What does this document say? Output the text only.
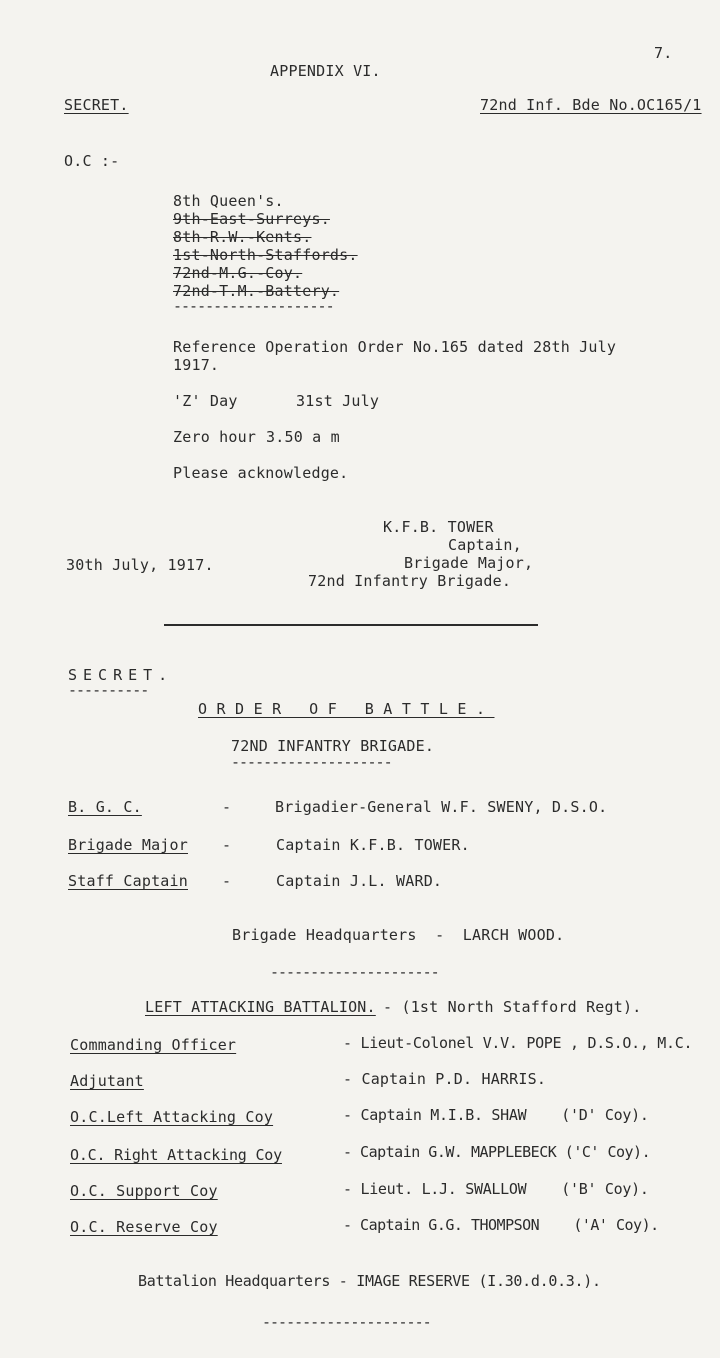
7.
APPENDIX VI.
SECRET.	72nd Inf. Bde No.OC165/1
O.C :-
8th Queen's.
9th-East-Surreys.
8th-R.W.-Kents.
1st-North-Staffords.
72nd-M.G.-Coy.
72nd-T.M.-Battery.
--------------------
Reference Operation Order No.165 dated 28th July
1917.
'Z' Day	31st July
Zero hour 3.50 a m
Please acknowledge.
K.F.B. TOWER
Captain,
Brigade Major,
72nd Infantry Brigade.
30th July, 1917.
SECRET.
----------
ORDER OF BATTLE.
72ND INFANTRY BRIGADE.
--------------------
B. G. C.	-	Brigadier-General W.F. SWENY, D.S.O.
Brigade Major -	Captain K.F.B. TOWER.
Staff Captain -	Captain J.L. WARD.
Brigade Headquarters  -  LARCH WOOD.
---------------------
LEFT ATTACKING BATTALION. - (1st North Stafford Regt).
Commanding Officer	- Lieut-Colonel V.V. POPE , D.S.O., M.C.
Adjutant	- Captain P.D. HARRIS.
O.C.Left Attacking Coy	- Captain M.I.B. SHAW    ('D' Coy).
O.C. Right Attacking Coy	- Captain G.W. MAPPLEBECK ('C' Coy).
O.C. Support Coy	- Lieut. L.J. SWALLOW    ('B' Coy).
O.C. Reserve Coy	- Captain G.G. THOMPSON    ('A' Coy).
Battalion Headquarters - IMAGE RESERVE (I.30.d.0.3.).
---------------------
